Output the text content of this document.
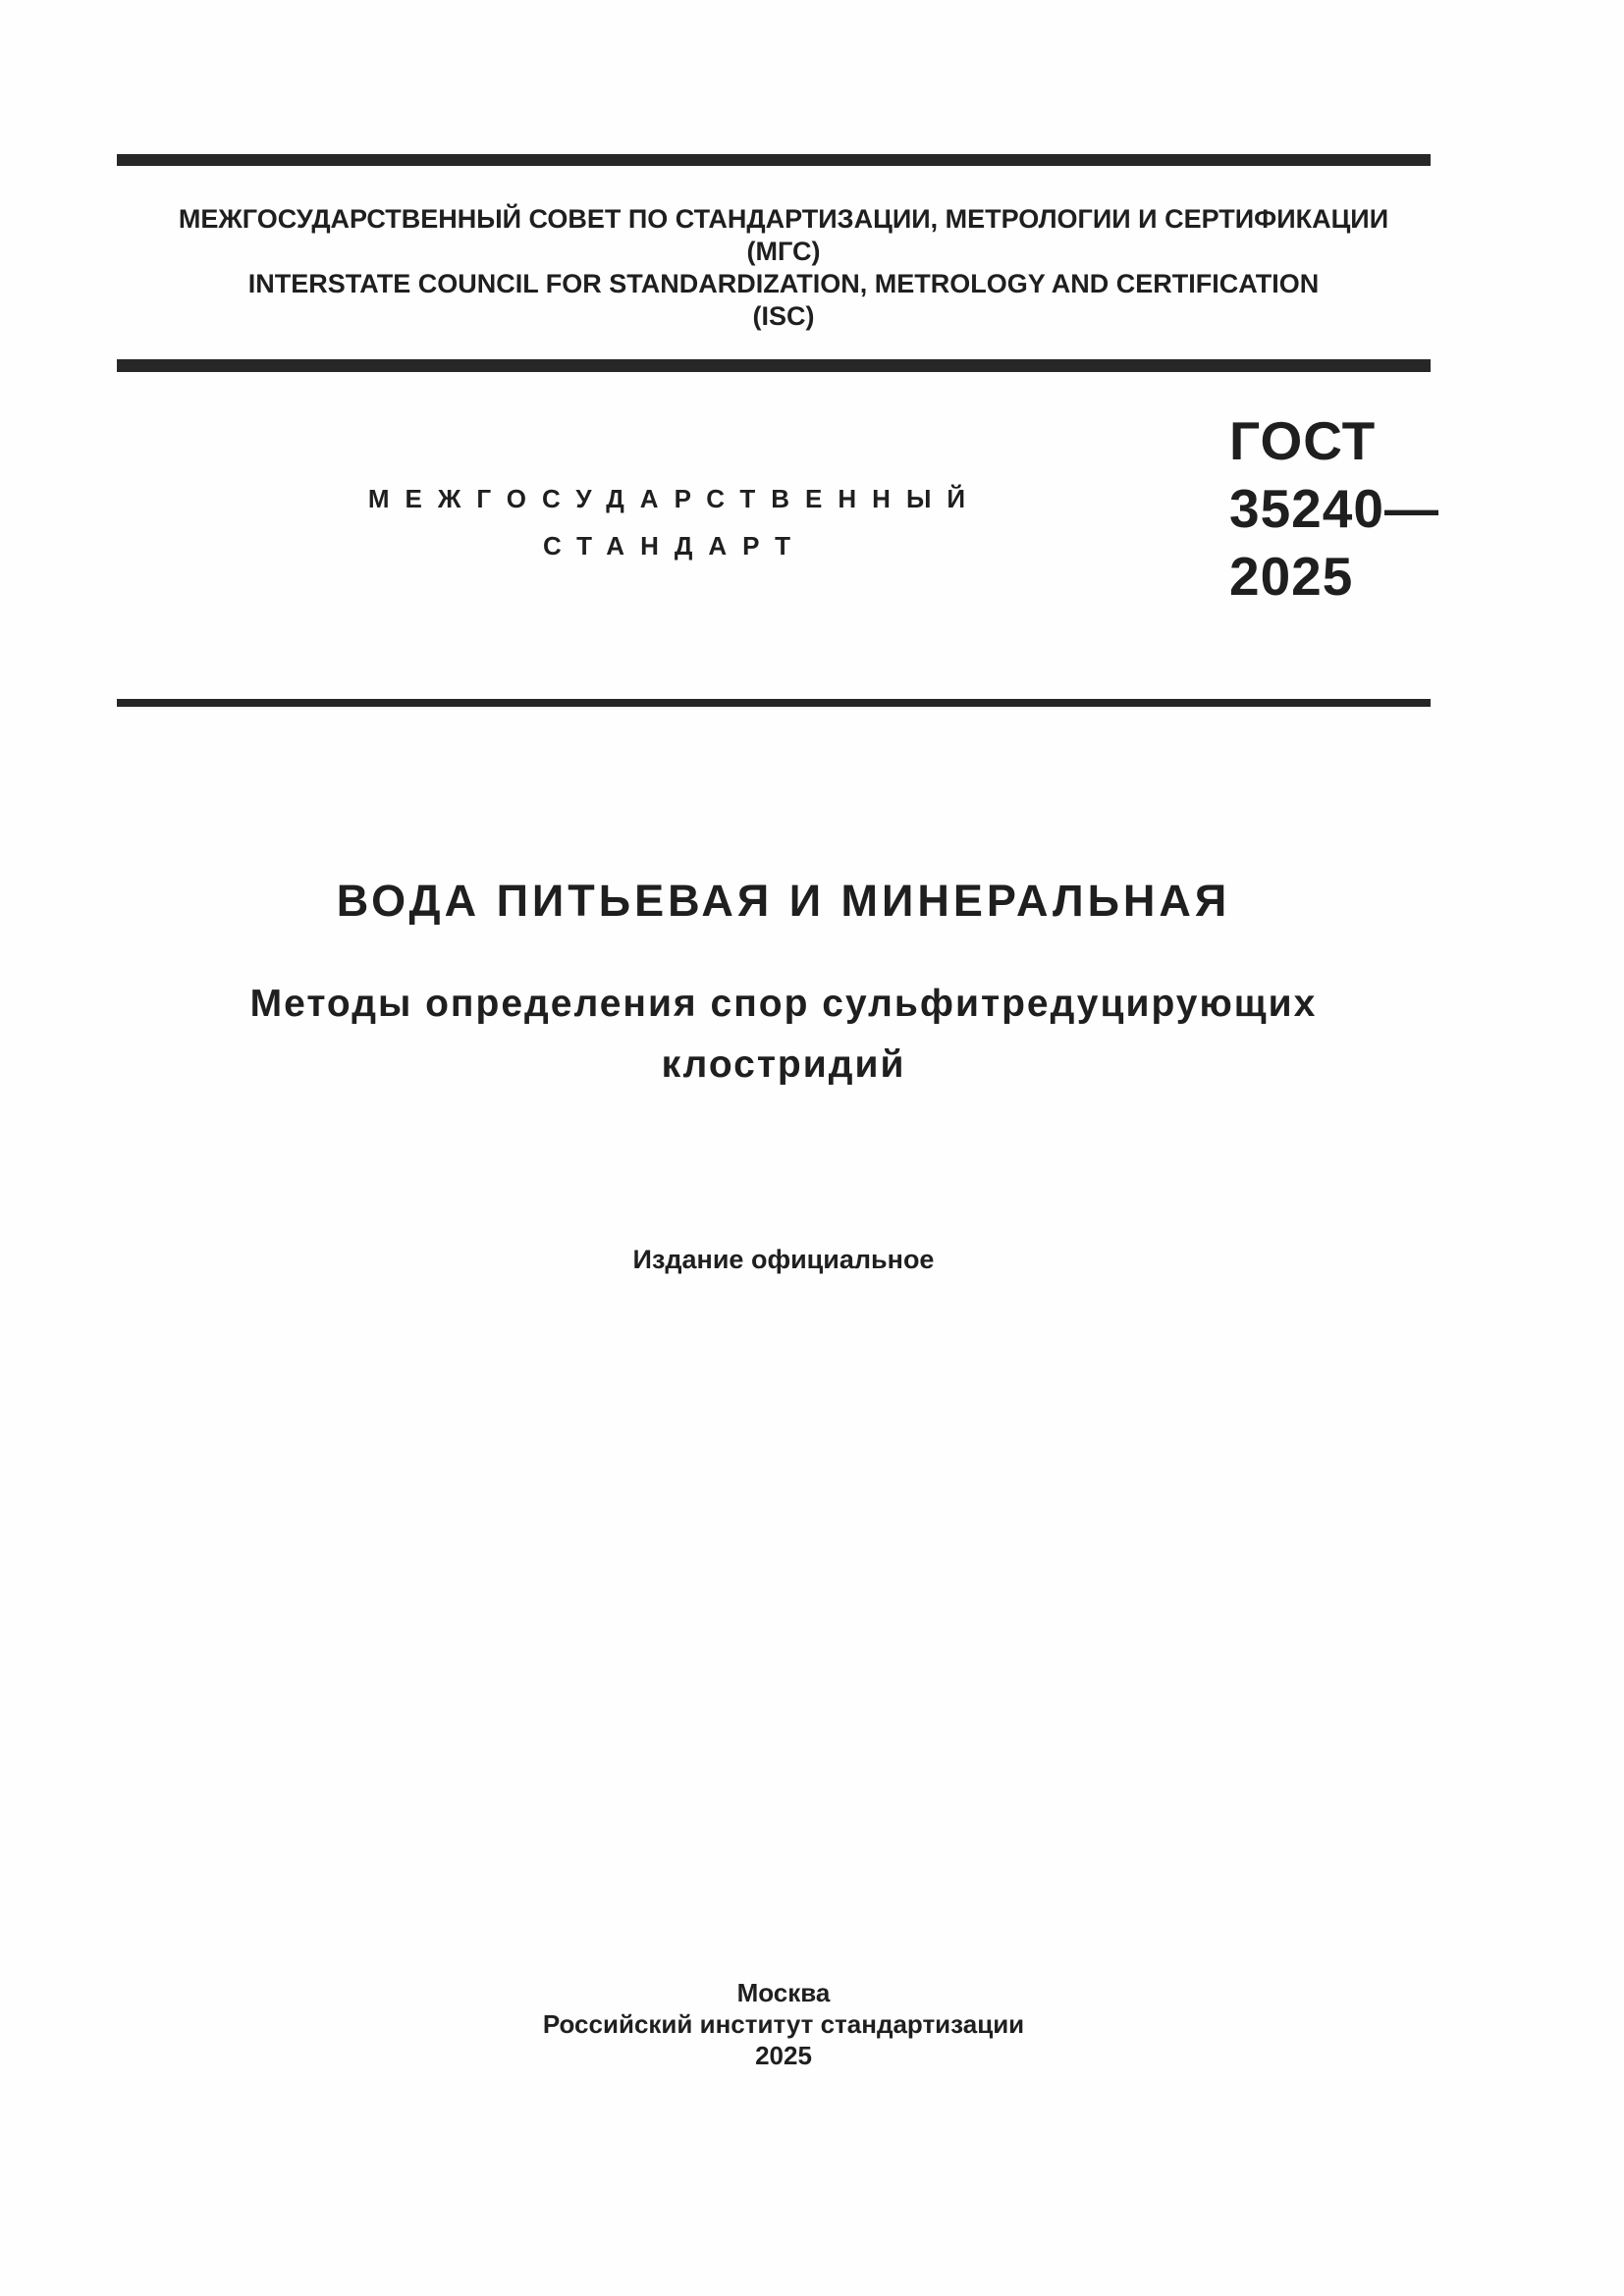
МЕЖГОСУДАРСТВЕННЫЙ СОВЕТ ПО СТАНДАРТИЗАЦИИ, МЕТРОЛОГИИ И СЕРТИФИКАЦИИ
(МГС)
INTERSTATE COUNCIL FOR STANDARDIZATION, METROLOGY AND CERTIFICATION
(ISC)
МЕЖГОСУДАРСТВЕННЫЙ
СТАНДАРТ
ГОСТ
35240—
2025
ВОДА ПИТЬЕВАЯ И МИНЕРАЛЬНАЯ
Методы определения спор сульфитредуцирующих
клостридий
Издание официальное
Москва
Российский институт стандартизации
2025
